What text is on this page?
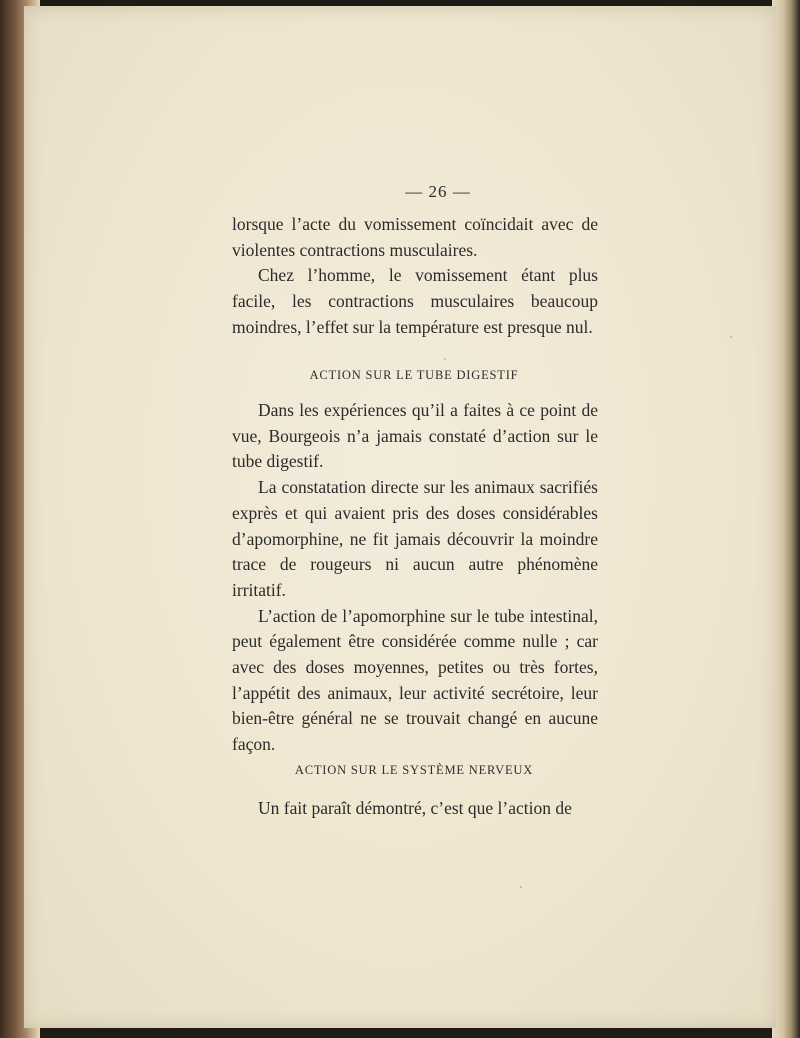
— 26 —

lorsque l’acte du vomissement coïncidait avec de violentes contractions musculaires.

Chez l’homme, le vomissement étant plus facile, les contractions musculaires beaucoup moindres, l’effet sur la température est presque nul.

ACTION SUR LE TUBE DIGESTIF

Dans les expériences qu’il a faites à ce point de vue, Bourgeois n’a jamais constaté d’action sur le tube digestif.

La constatation directe sur les animaux sacrifiés exprès et qui avaient pris des doses considérables d’apomorphine, ne fit jamais découvrir la moindre trace de rougeurs ni aucun autre phénomène irritatif.

L’action de l’apomorphine sur le tube intestinal, peut également être considérée comme nulle ; car avec des doses moyennes, petites ou très fortes, l’appétit des animaux, leur activité secrétoire, leur bien-être général ne se trouvait changé en aucune façon.

ACTION SUR LE SYSTÈME NERVEUX

Un fait paraît démontré, c’est que l’action de
